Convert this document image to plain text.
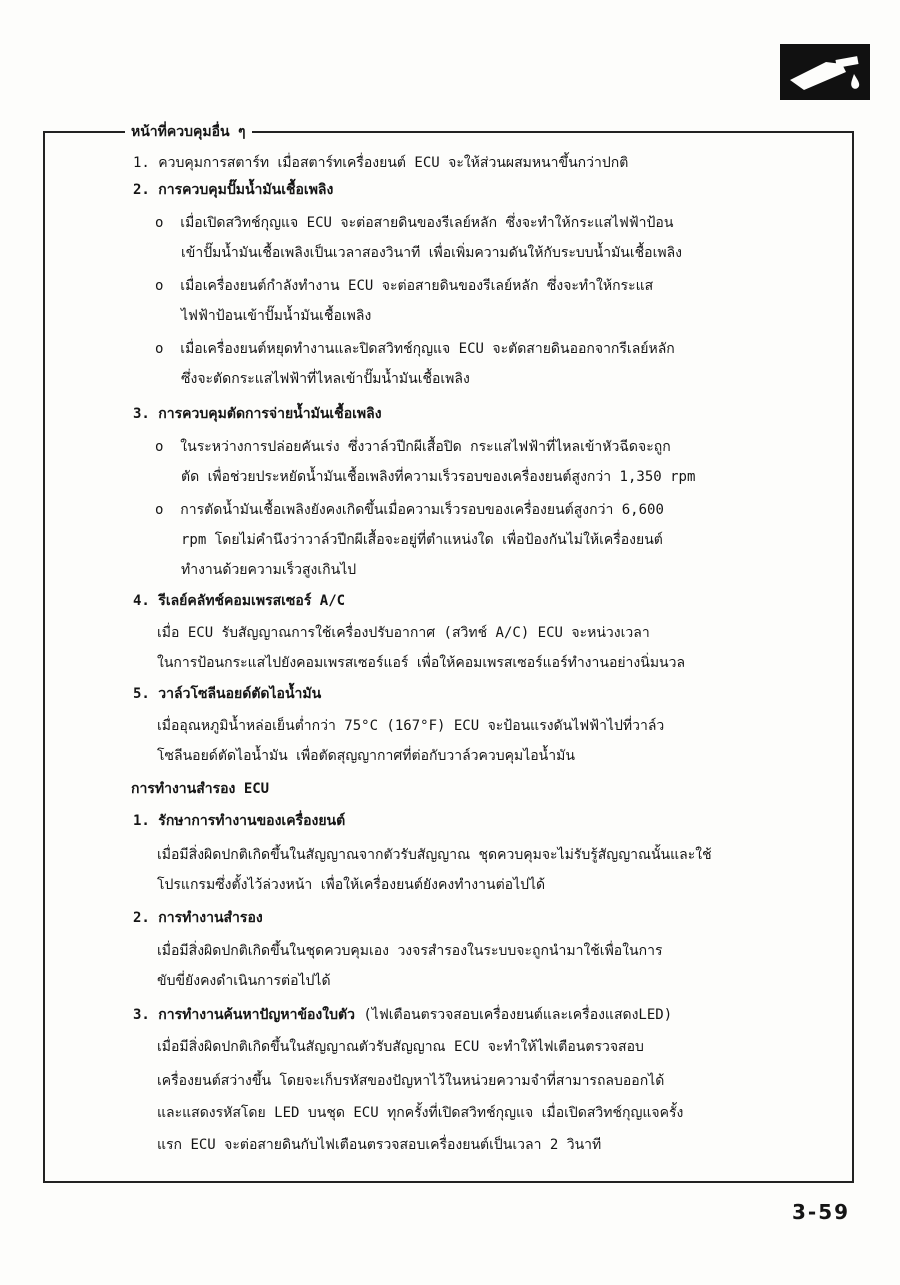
หน้าที่ควบคุมอื่น ๆ
1. ควบคุมการสตาร์ท เมื่อสตาร์ทเครื่องยนต์ ECU จะให้ส่วนผสมหนาขึ้นกว่าปกติ
2. การควบคุมปั๊มน้ำมันเชื้อเพลิง
o เมื่อเปิดสวิทช์กุญแจ ECU จะต่อสายดินของรีเลย์หลัก ซึ่งจะทำให้กระแสไฟฟ้าป้อน
เข้าปั๊มน้ำมันเชื้อเพลิงเป็นเวลาสองวินาที เพื่อเพิ่มความดันให้กับระบบน้ำมันเชื้อเพลิง
o เมื่อเครื่องยนต์กำลังทำงาน ECU จะต่อสายดินของรีเลย์หลัก ซึ่งจะทำให้กระแส
ไฟฟ้าป้อนเข้าปั๊มน้ำมันเชื้อเพลิง
o เมื่อเครื่องยนต์หยุดทำงานและปิดสวิทช์กุญแจ ECU จะตัดสายดินออกจากรีเลย์หลัก
ซึ่งจะตัดกระแสไฟฟ้าที่ไหลเข้าปั๊มน้ำมันเชื้อเพลิง
3. การควบคุมตัดการจ่ายน้ำมันเชื้อเพลิง
o ในระหว่างการปล่อยคันเร่ง ซึ่งวาล์วปีกผีเสื้อปิด กระแสไฟฟ้าที่ไหลเข้าหัวฉีดจะถูก
ตัด เพื่อช่วยประหยัดน้ำมันเชื้อเพลิงที่ความเร็วรอบของเครื่องยนต์สูงกว่า 1,350 rpm
o การตัดน้ำมันเชื้อเพลิงยังคงเกิดขึ้นเมื่อความเร็วรอบของเครื่องยนต์สูงกว่า 6,600
rpm โดยไม่คำนึงว่าวาล์วปีกผีเสื้อจะอยู่ที่ตำแหน่งใด เพื่อป้องกันไม่ให้เครื่องยนต์
ทำงานด้วยความเร็วสูงเกินไป
4. รีเลย์คลัทช์คอมเพรสเซอร์ A/C
เมื่อ ECU รับสัญญาณการใช้เครื่องปรับอากาศ (สวิทช์ A/C) ECU จะหน่วงเวลา
ในการป้อนกระแสไปยังคอมเพรสเซอร์แอร์ เพื่อให้คอมเพรสเซอร์แอร์ทำงานอย่างนิ่มนวล
5. วาล์วโซลีนอยด์ตัดไอน้ำมัน
เมื่ออุณหภูมิน้ำหล่อเย็นต่ำกว่า 75°C (167°F) ECU จะป้อนแรงดันไฟฟ้าไปที่วาล์ว
โซลีนอยด์ตัดไอน้ำมัน เพื่อตัดสุญญากาศที่ต่อกับวาล์วควบคุมไอน้ำมัน
การทำงานสำรอง ECU
1. รักษาการทำงานของเครื่องยนต์
เมื่อมีสิ่งผิดปกติเกิดขึ้นในสัญญาณจากตัวรับสัญญาณ ชุดควบคุมจะไม่รับรู้สัญญาณนั้นและใช้
โปรแกรมซึ่งตั้งไว้ล่วงหน้า เพื่อให้เครื่องยนต์ยังคงทำงานต่อไปได้
2. การทำงานสำรอง
เมื่อมีสิ่งผิดปกติเกิดขึ้นในชุดควบคุมเอง วงจรสำรองในระบบจะถูกนำมาใช้เพื่อในการ
ขับขี่ยังคงดำเนินการต่อไปได้
3. การทำงานค้นหาปัญหาข้องใบตัว (ไฟเตือนตรวจสอบเครื่องยนต์และเครื่องแสดงLED)
เมื่อมีสิ่งผิดปกติเกิดขึ้นในสัญญาณตัวรับสัญญาณ ECU จะทำให้ไฟเตือนตรวจสอบ
เครื่องยนต์สว่างขึ้น โดยจะเก็บรหัสของปัญหาไว้ในหน่วยความจำที่สามารถลบออกได้
และแสดงรหัสโดย LED บนชุด ECU ทุกครั้งที่เปิดสวิทช์กุญแจ เมื่อเปิดสวิทช์กุญแจครั้ง
แรก ECU จะต่อสายดินกับไฟเตือนตรวจสอบเครื่องยนต์เป็นเวลา 2 วินาที
3-59
